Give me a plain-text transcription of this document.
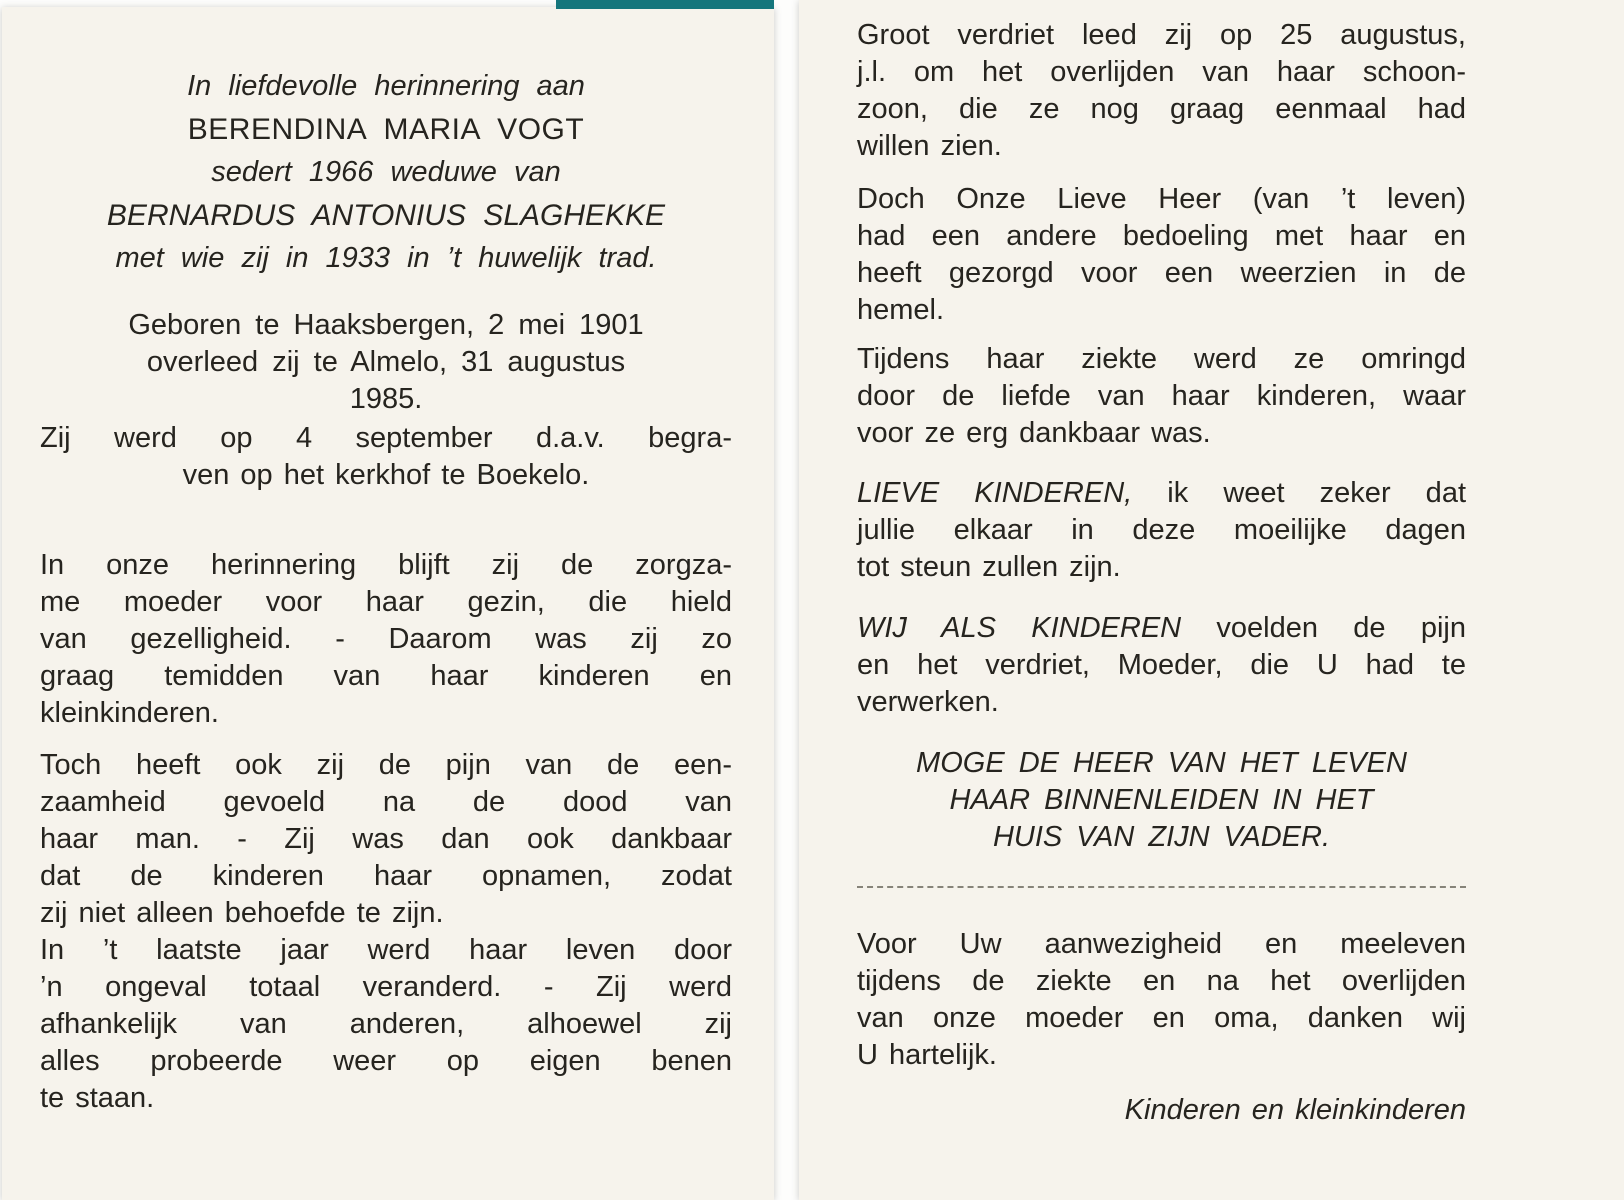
In liefdevolle herinnering aan
BERENDINA MARIA VOGT
sedert 1966 weduwe van
BERNARDUS ANTONIUS SLAGHEKKE
met wie zij in 1933 in ’t huwelijk trad.
Geboren te Haaksbergen, 2 mei 1901
overleed zij te Almelo, 31 augustus
1985.
Zij werd op 4 september d.a.v. begra-
ven op het kerkhof te Boekelo.
In onze herinnering blijft zij de zorgza-
me moeder voor haar gezin, die hield
van gezelligheid. - Daarom was zij zo
graag temidden van haar kinderen en
kleinkinderen.
Toch heeft ook zij de pijn van de een-
zaamheid gevoeld na de dood van
haar man. - Zij was dan ook dankbaar
dat de kinderen haar opnamen, zodat
zij niet alleen behoefde te zijn.
In ’t laatste jaar werd haar leven door
’n ongeval totaal veranderd. - Zij werd
afhankelijk van anderen, alhoewel zij
alles probeerde weer op eigen benen
te staan.
Groot verdriet leed zij op 25 augustus,
j.l. om het overlijden van haar schoon-
zoon, die ze nog graag eenmaal had
willen zien.
Doch Onze Lieve Heer (van ’t leven)
had een andere bedoeling met haar en
heeft gezorgd voor een weerzien in de
hemel.
Tijdens haar ziekte werd ze omringd
door de liefde van haar kinderen, waar
voor ze erg dankbaar was.
LIEVE KINDEREN, ik weet zeker dat
jullie elkaar in deze moeilijke dagen
tot steun zullen zijn.
WIJ ALS KINDEREN voelden de pijn
en het verdriet, Moeder, die U had te
verwerken.
MOGE DE HEER VAN HET LEVEN
HAAR BINNENLEIDEN IN HET
HUIS VAN ZIJN VADER.
Voor Uw aanwezigheid en meeleven
tijdens de ziekte en na het overlijden
van onze moeder en oma, danken wij
U hartelijk.
Kinderen en kleinkinderen
